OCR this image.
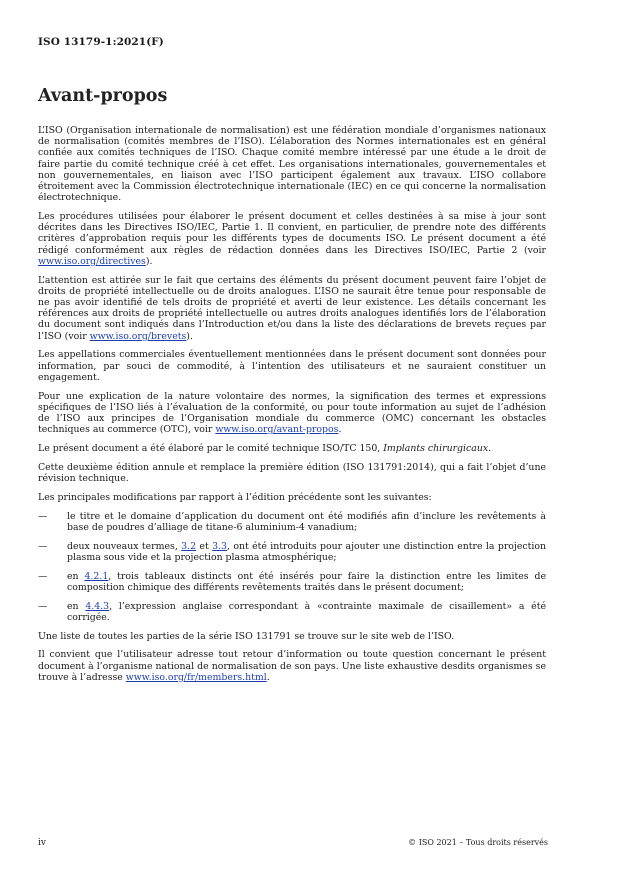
ISO 13179-1:2021(F)
Avant-propos

L’ISO (Organisation internationale de normalisation) est une fédération mondiale d’organismes nationaux de normalisation (comités membres de l’ISO). L’élaboration des Normes internationales est en général confiée aux comités techniques de l’ISO. Chaque comité membre intéressé par une étude a le droit de faire partie du comité technique créé à cet effet. Les organisations internationales, gouvernementales et non gouvernementales, en liaison avec l’ISO participent également aux travaux. L’ISO collabore étroitement avec la Commission électrotechnique internationale (IEC) en ce qui concerne la normalisation électrotechnique.

Les procédures utilisées pour élaborer le présent document et celles destinées à sa mise à jour sont décrites dans les Directives ISO/IEC, Partie 1. Il convient, en particulier, de prendre note des différents critères d’approbation requis pour les différents types de documents ISO. Le présent document a été rédigé conformément aux règles de rédaction données dans les Directives ISO/IEC, Partie 2 (voir www.iso.org/directives).

L’attention est attirée sur le fait que certains des éléments du présent document peuvent faire l’objet de droits de propriété intellectuelle ou de droits analogues. L’ISO ne saurait être tenue pour responsable de ne pas avoir identifié de tels droits de propriété et averti de leur existence. Les détails concernant les références aux droits de propriété intellectuelle ou autres droits analogues identifiés lors de l’élaboration du document sont indiqués dans l’Introduction et/ou dans la liste des déclarations de brevets reçues par l’ISO (voir www.iso.org/brevets).

Les appellations commerciales éventuellement mentionnées dans le présent document sont données pour information, par souci de commodité, à l’intention des utilisateurs et ne sauraient constituer un engagement.

Pour une explication de la nature volontaire des normes, la signification des termes et expressions spécifiques de l’ISO liés à l’évaluation de la conformité, ou pour toute information au sujet de l’adhésion de l’ISO aux principes de l’Organisation mondiale du commerce (OMC) concernant les obstacles techniques au commerce (OTC), voir www.iso.org/avant-propos.

Le présent document a été élaboré par le comité technique ISO/TC 150, Implants chirurgicaux.

Cette deuxième édition annule et remplace la première édition (ISO 131791:2014), qui a fait l’objet d’une révision technique.

Les principales modifications par rapport à l’édition précédente sont les suivantes:

— le titre et le domaine d’application du document ont été modifiés afin d’inclure les revêtements à base de poudres d’alliage de titane-6 aluminium-4 vanadium;
— deux nouveaux termes, 3.2 et 3.3, ont été introduits pour ajouter une distinction entre la projection plasma sous vide et la projection plasma atmosphérique;
— en 4.2.1, trois tableaux distincts ont été insérés pour faire la distinction entre les limites de composition chimique des différents revêtements traités dans le présent document;
— en 4.4.3, l’expression anglaise correspondant à «contrainte maximale de cisaillement» a été corrigée.

Une liste de toutes les parties de la série ISO 131791 se trouve sur le site web de l’ISO.

Il convient que l’utilisateur adresse tout retour d’information ou toute question concernant le présent document à l’organisme national de normalisation de son pays. Une liste exhaustive desdits organismes se trouve à l’adresse www.iso.org/fr/members.html.

iv	© ISO 2021 – Tous droits réservés
